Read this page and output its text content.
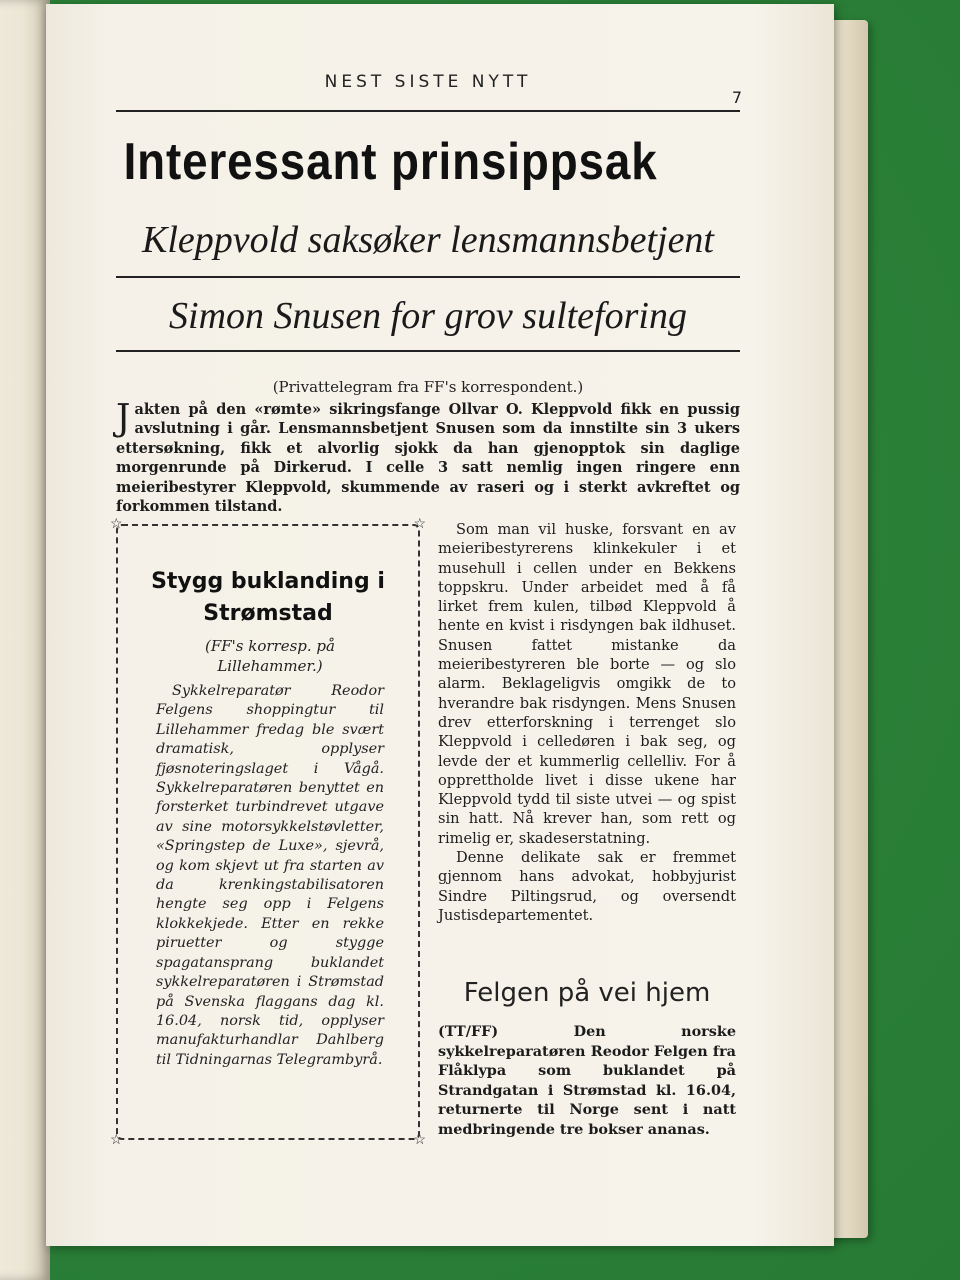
NEST SISTE NYTT
7
Interessant prinsippsak
Kleppvold saksøker lensmannsbetjent
Simon Snusen for grov sulteforing
(Privattelegram fra FF's korrespondent.)
Jakten på den «rømte» sikringsfange Ollvar O. Kleppvold fikk en pussig avslutning i går. Lensmannsbetjent Snusen som da innstilte sin 3 ukers ettersøkning, fikk et alvorlig sjokk da han gjenopptok sin daglige morgenrunde på Dirkerud. I celle 3 satt nemlig ingen ringere enn meieribestyrer Kleppvold, skummende av raseri og i sterkt avkreftet og forkommen tilstand.
☆	☆
☆	☆
Stygg buklanding i Strømstad
(FF's korresp. på Lillehammer.)
Sykkelreparatør Reodor Felgens shoppingtur til Lillehammer fredag ble svært dramatisk, opplyser fjøsnoteringslaget i Vågå. Sykkelreparatøren benyttet en forsterket turbindrevet utgave av sine motorsykkelstøvletter, «Springstep de Luxe», sjevrå, og kom skjevt ut fra starten av da krenkingstabilisatoren hengte seg opp i Felgens klokkekjede. Etter en rekke piruetter og stygge spagatansprang buklandet sykkelreparatøren i Strømstad på Svenska flaggans dag kl. 16.04, norsk tid, opplyser manufakturhandlar Dahlberg til Tidningarnas Telegrambyrå.

Som man vil huske, forsvant en av meieribestyrerens klinkekuler i et musehull i cellen under en Bekkens toppskru. Under arbeidet med å få lirket frem kulen, tilbød Kleppvold å hente en kvist i risdyngen bak ildhuset. Snusen fattet mistanke da meieribestyreren ble borte — og slo alarm. Beklageligvis omgikk de to hverandre bak risdyngen. Mens Snusen drev etterforskning i terrenget slo Kleppvold i celledøren i bak seg, og levde der et kummerlig cellelliv. For å opprettholde livet i disse ukene har Kleppvold tydd til siste utvei — og spist sin hatt. Nå krever han, som rett og rimelig er, skadeserstatning.

Denne delikate sak er fremmet gjennom hans advokat, hobbyjurist Sindre Piltingsrud, og oversendt Justisdepartementet.

Felgen på vei hjem
(TT/FF) Den norske sykkelreparatøren Reodor Felgen fra Flåklypa som buklandet på Strandgatan i Strømstad kl. 16.04, returnerte til Norge sent i natt medbringende tre bokser ananas.
